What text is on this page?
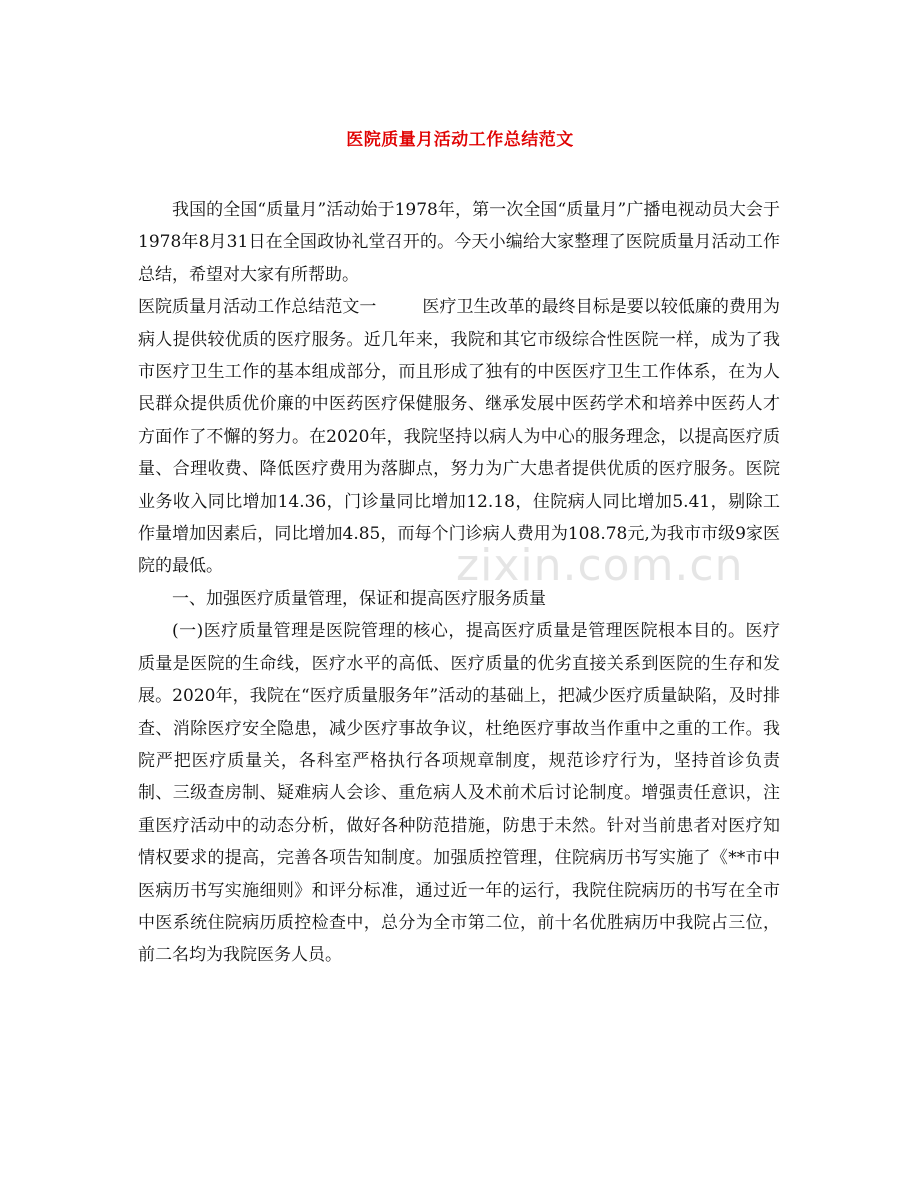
医院质量月活动工作总结范文

我国的全国“质量月”活动始于1978年，第一次全国“质量月”广播电视动员大会于1978年8月31日在全国政协礼堂召开的。今天小编给大家整理了医院质量月活动工作总结，希望对大家有所帮助。

医院质量月活动工作总结范文一	医疗卫生改革的最终目标是要以较低廉的费用为病人提供较优质的医疗服务。近几年来，我院和其它市级综合性医院一样，成为了我市医疗卫生工作的基本组成部分，而且形成了独有的中医医疗卫生工作体系，在为人民群众提供质优价廉的中医药医疗保健服务、继承发展中医药学术和培养中医药人才方面作了不懈的努力。在2020年，我院坚持以病人为中心的服务理念，以提高医疗质量、合理收费、降低医疗费用为落脚点，努力为广大患者提供优质的医疗服务。医院业务收入同比增加14.36，门诊量同比增加12.18，住院病人同比增加5.41，剔除工作量增加因素后，同比增加4.85，而每个门诊病人费用为108.78元,为我市市级9家医院的最低。

一、加强医疗质量管理，保证和提高医疗服务质量

(一)医疗质量管理是医院管理的核心，提高医疗质量是管理医院根本目的。医疗质量是医院的生命线，医疗水平的高低、医疗质量的优劣直接关系到医院的生存和发展。2020年，我院在“医疗质量服务年”活动的基础上，把减少医疗质量缺陷，及时排查、消除医疗安全隐患，减少医疗事故争议，杜绝医疗事故当作重中之重的工作。我院严把医疗质量关，各科室严格执行各项规章制度，规范诊疗行为，坚持首诊负责制、三级查房制、疑难病人会诊、重危病人及术前术后讨论制度。增强责任意识，注重医疗活动中的动态分析，做好各种防范措施，防患于未然。针对当前患者对医疗知情权要求的提高，完善各项告知制度。加强质控管理，住院病历书写实施了《**市中医病历书写实施细则》和评分标准，通过近一年的运行，我院住院病历的书写在全市中医系统住院病历质控检查中，总分为全市第二位，前十名优胜病历中我院占三位，前二名均为我院医务人员。

zixin.com.cn
